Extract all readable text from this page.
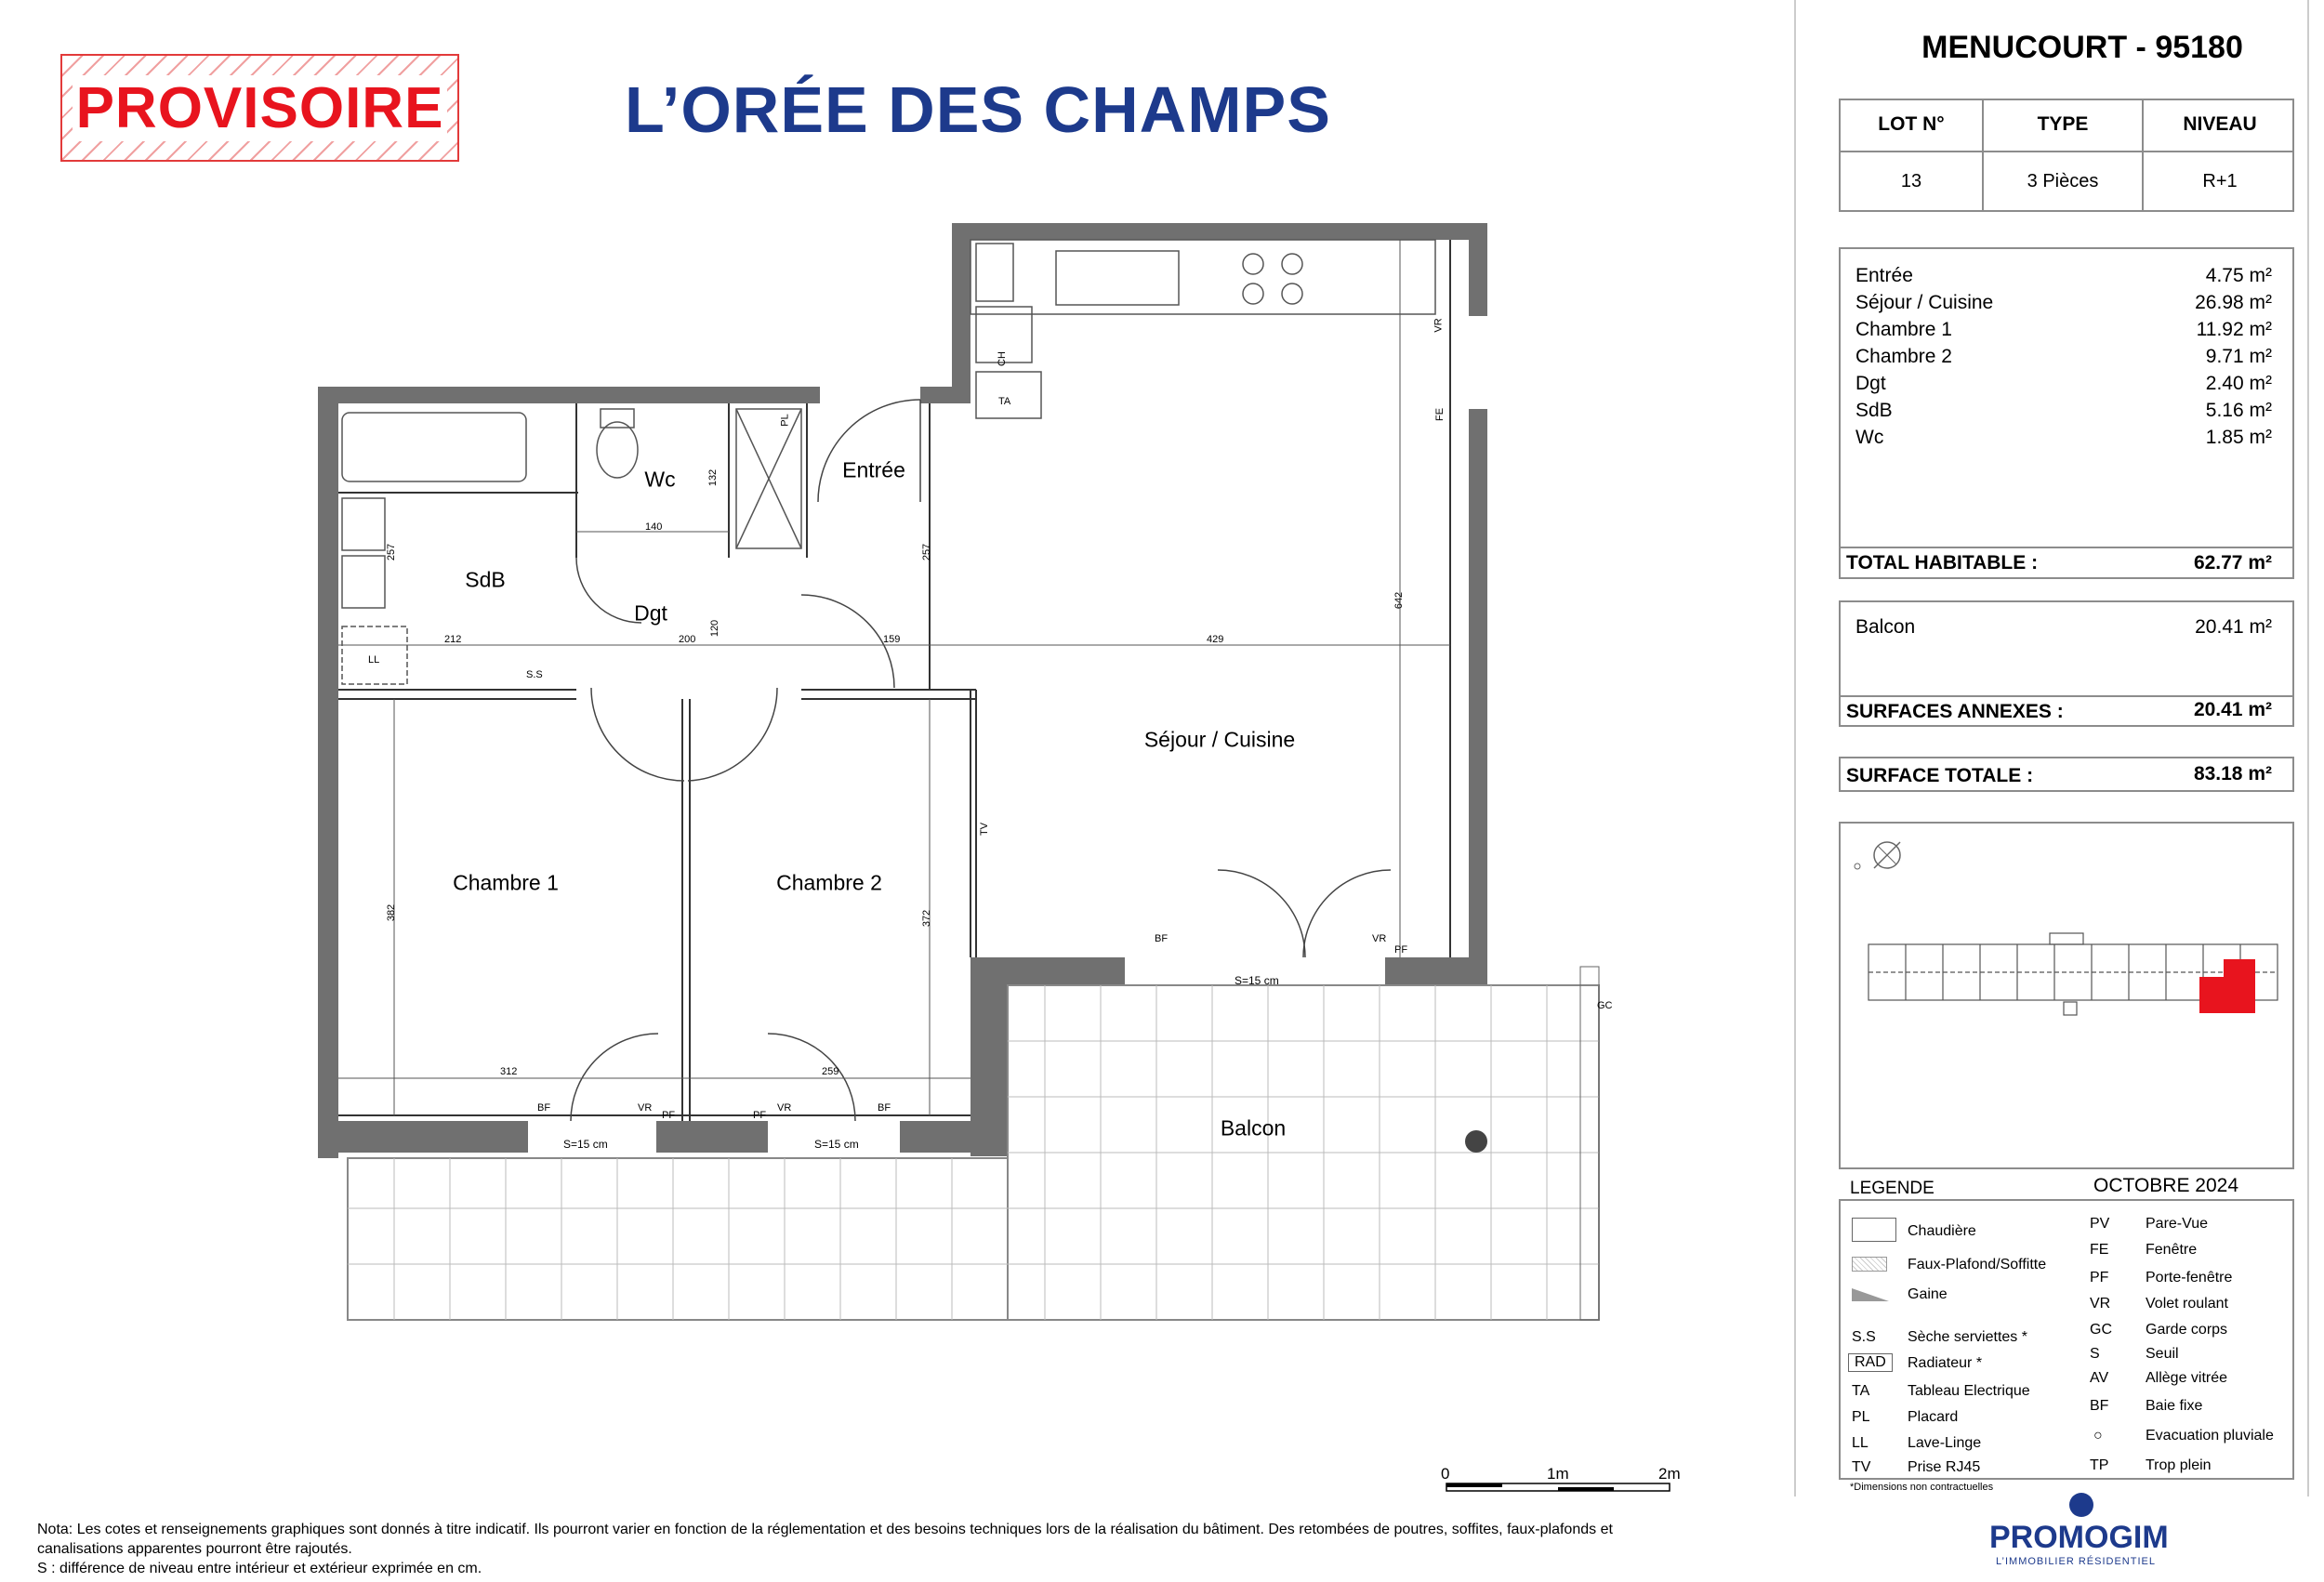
PROVISOIRE	L’ORÉE DES CHAMPS
MENUCOURT - 95180
LOT N°	TYPE	NIVEAU
13	3 Pièces	R+1
Entrée	4.75 m²
Séjour / Cuisine	26.98 m²
Chambre 1	11.92 m²
Chambre 2	9.71 m²
Dgt	2.40 m²
SdB	5.16 m²
Wc	1.85 m²
TOTAL HABITABLE :	62.77 m²
Balcon	20.41 m²
SURFACES ANNEXES :	20.41 m²
SURFACE TOTALE :	83.18 m²
LEGENDE	OCTOBRE 2024
Chaudière
Faux-Plafond/Soffitte
Gaine
S.S Sèche serviettes *
RAD	Radiateur *
TA	Tableau Electrique
PL	Placard
LL	Lave-Linge
TV Prise RJ45
PV Pare-Vue
FE Fenêtre
PF Porte-fenêtre
VR Volet roulant
GC Garde corps
S	Seuil
AV Allège vitrée
BF Baie fixe
○	Evacuation pluviale
TP Trop plein
*Dimensions non contractuelles
Wc	Entrée
SdB
Dgt
Séjour / Cuisine
Chambre 1	Chambre 2
Balcon
140
132
257
212	200
120
159	429
642
257
382	372
312	259
S=15 cm
S=15 cm	S=15 cm
BF	VR
PF
BF	VR
PF	PF
VR	BF
VR
FE
PL
CH
TA
TV
LL
S.S
GC
0	1m	2m
Nota: Les cotes et renseignements graphiques sont donnés à titre indicatif. Ils pourront varier en fonction de la réglementation et des besoins techniques lors de la réalisation du bâtiment. Des retombées de poutres, soffites, faux-plafonds et
canalisations apparentes pourront être rajoutés.
S : différence de niveau entre intérieur et extérieur exprimée en cm.
PROMOGIM
L’IMMOBILIER RÉSIDENTIEL
